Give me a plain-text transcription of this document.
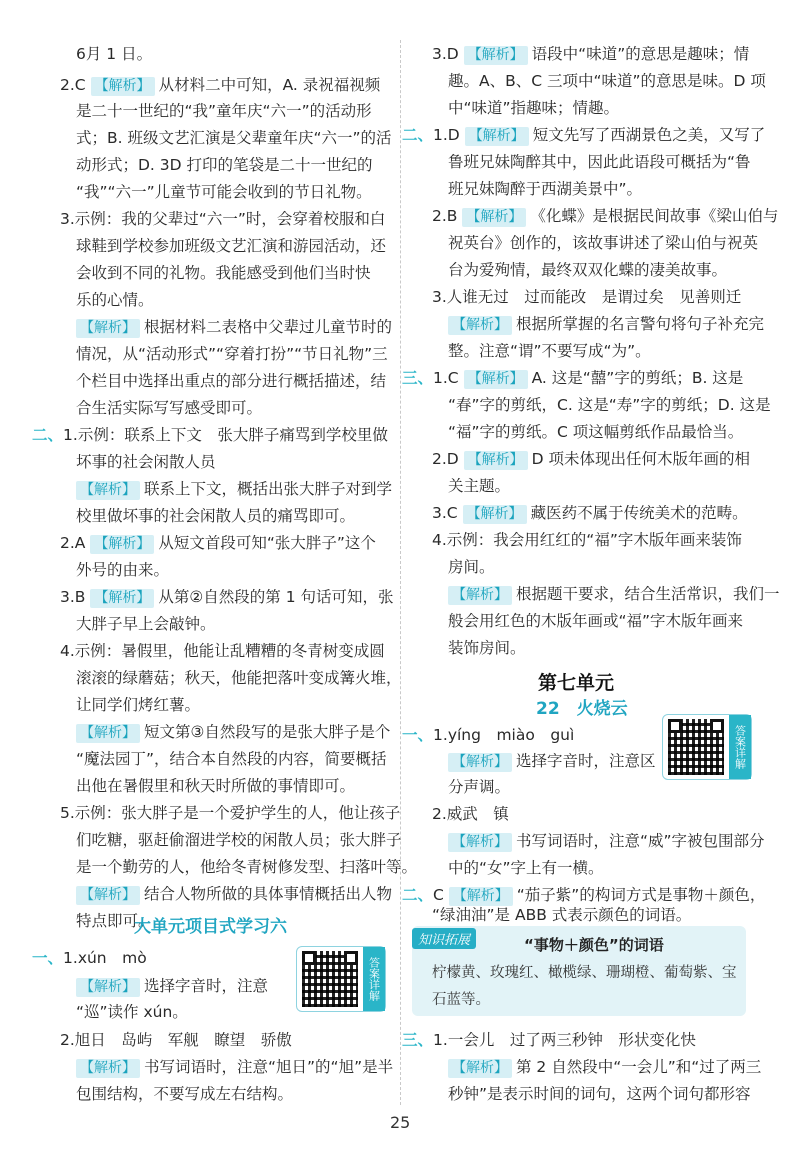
6月 1 日。
2.C 【解析】 从材料二中可知，A. 录祝福视频
是二十一世纪的“我”童年庆“六一”的活动形
式；B. 班级文艺汇演是父辈童年庆“六一”的活
动形式；D. 3D 打印的笔袋是二十一世纪的
“我”“六一”儿童节可能会收到的节日礼物。
3.示例：我的父辈过“六一”时，会穿着校服和白
球鞋到学校参加班级文艺汇演和游园活动，还
会收到不同的礼物。我能感受到他们当时快
乐的心情。
【解析】 根据材料二表格中父辈过儿童节时的
情况，从“活动形式”“穿着打扮”“节日礼物”三
个栏目中选择出重点的部分进行概括描述，结
合生活实际写写感受即可。
二、1.示例：联系上下文　张大胖子痛骂到学校里做
坏事的社会闲散人员
【解析】 联系上下文，概括出张大胖子对到学
校里做坏事的社会闲散人员的痛骂即可。
2.A 【解析】 从短文首段可知“张大胖子”这个
外号的由来。
3.B 【解析】 从第②自然段的第 1 句话可知，张
大胖子早上会敲钟。
4.示例：暑假里，他能让乱糟糟的冬青树变成圆
滚滚的绿蘑菇；秋天，他能把落叶变成篝火堆，
让同学们烤红薯。
【解析】 短文第③自然段写的是张大胖子是个
“魔法园丁”，结合本自然段的内容，简要概括
出他在暑假里和秋天时所做的事情即可。
5.示例：张大胖子是一个爱护学生的人，他让孩子
们吃糖，驱赶偷溜进学校的闲散人员；张大胖子
是一个勤劳的人，他给冬青树修发型、扫落叶等。
【解析】 结合人物所做的具体事情概括出人物
特点即可。
大单元项目式学习六
一、1.xún　mò
【解析】 选择字音时，注意
“巡”读作 xún。
答案详解
2.旭日　岛屿　军舰　瞭望　骄傲
【解析】 书写词语时，注意“旭日”的“旭”是半
包围结构，不要写成左右结构。
3.D 【解析】 语段中“味道”的意思是趣味；情
趣。A、B、C 三项中“味道”的意思是味。D 项
中“味道”指趣味；情趣。
二、1.D 【解析】 短文先写了西湖景色之美，又写了
鲁班兄妹陶醉其中，因此此语段可概括为“鲁
班兄妹陶醉于西湖美景中”。
2.B 【解析】 《化蝶》是根据民间故事《梁山伯与
祝英台》创作的，该故事讲述了梁山伯与祝英
台为爱殉情，最终双双化蝶的凄美故事。
3.人谁无过　过而能改　是谓过矣　见善则迁
【解析】 根据所掌握的名言警句将句子补充完
整。注意“谓”不要写成“为”。
三、1.C 【解析】 A. 这是“囍”字的剪纸；B. 这是
“春”字的剪纸，C. 这是“寿”字的剪纸；D. 这是
“福”字的剪纸。C 项这幅剪纸作品最恰当。
2.D 【解析】 D 项未体现出任何木版年画的相
关主题。
3.C 【解析】 藏医药不属于传统美术的范畴。
4.示例：我会用红红的“福”字木版年画来装饰
房间。
【解析】 根据题干要求，结合生活常识，我们一
般会用红色的木版年画或“福”字木版年画来
装饰房间。
第七单元
22　火烧云
一、1.yíng　miào　guì
【解析】 选择字音时，注意区
分声调。
答案详解
2.威武　镇
【解析】 书写词语时，注意“威”字被包围部分
中的“女”字上有一横。
二、C 【解析】 “茄子紫”的构词方式是事物＋颜色，
“绿油油”是 ABB 式表示颜色的词语。
知识拓展	“事物＋颜色”的词语
柠檬黄、玫瑰红、橄榄绿、珊瑚橙、葡萄紫、宝石蓝等。
三、1.一会儿　过了两三秒钟　形状变化快
【解析】 第 2 自然段中“一会儿”和“过了两三
秒钟”是表示时间的词句，这两个词句都形容
25
